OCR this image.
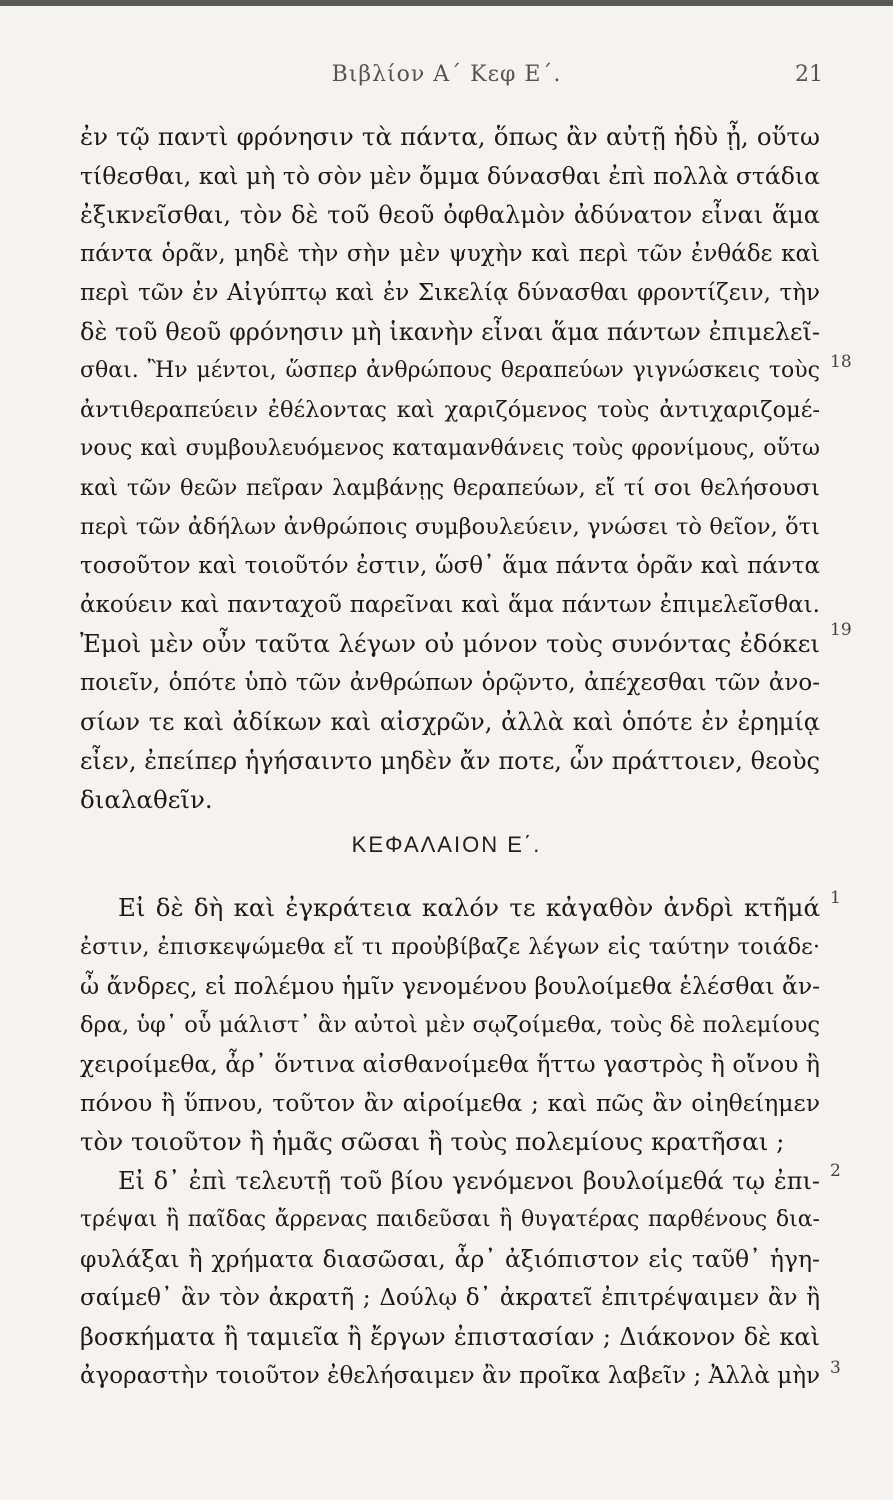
Βιβλίον Α΄ Κεφ Ε΄.	21
ἐν τῷ παντὶ φρόνησιν τὰ πάντα, ὅπως ἂν αὐτῇ ἡδὺ ᾖ, οὕτω
τίθεσθαι, καὶ μὴ τὸ σὸν μὲν ὄμμα δύνασθαι ἐπὶ πολλὰ στάδια
ἐξικνεῖσθαι, τὸν δὲ τοῦ θεοῦ ὀφθαλμὸν ἀδύνατον εἶναι ἅμα
πάντα ὁρᾶν, μηδὲ τὴν σὴν μὲν ψυχὴν καὶ περὶ τῶν ἐνθάδε καὶ
περὶ τῶν ἐν Αἰγύπτῳ καὶ ἐν Σικελίᾳ δύνασθαι φροντίζειν, τὴν
δὲ τοῦ θεοῦ φρόνησιν μὴ ἱκανὴν εἶναι ἅμα πάντων ἐπιμελεῖ-
σθαι. Ἢν μέντοι, ὥσπερ ἀνθρώπους θεραπεύων γιγνώσκεις τοὺς 18
ἀντιθεραπεύειν ἐθέλοντας καὶ χαριζόμενος τοὺς ἀντιχαριζομέ-
νους καὶ συμβουλευόμενος καταμανθάνεις τοὺς φρονίμους, οὕτω
καὶ τῶν θεῶν πεῖραν λαμβάνῃς θεραπεύων, εἴ τί σοι θελήσουσι
περὶ τῶν ἀδήλων ἀνθρώποις συμβουλεύειν, γνώσει τὸ θεῖον, ὅτι
τοσοῦτον καὶ τοιοῦτόν ἐστιν, ὥσθ᾽ ἅμα πάντα ὁρᾶν καὶ πάντα
ἀκούειν καὶ πανταχοῦ παρεῖναι καὶ ἅμα πάντων ἐπιμελεῖσθαι.
Ἐμοὶ μὲν οὖν ταῦτα λέγων οὐ μόνον τοὺς συνόντας ἐδόκει 19
ποιεῖν, ὁπότε ὑπὸ τῶν ἀνθρώπων ὁρῷντο, ἀπέχεσθαι τῶν ἀνο-
σίων τε καὶ ἀδίκων καὶ αἰσχρῶν, ἀλλὰ καὶ ὁπότε ἐν ἐρημίᾳ
εἶεν, ἐπείπερ ἡγήσαιντο μηδὲν ἄν ποτε, ὧν πράττοιεν, θεοὺς
διαλαθεῖν.
ΚΕΦΑΛΑΙΟΝ Ε΄.
Εἰ δὲ δὴ καὶ ἐγκράτεια καλόν τε κἀγαθὸν ἀνδρὶ κτῆμά 1
ἐστιν, ἐπισκεψώμεθα εἴ τι προὐβίβαζε λέγων εἰς ταύτην τοιάδε·
ὦ ἄνδρες, εἰ πολέμου ἡμῖν γενομένου βουλοίμεθα ἑλέσθαι ἄν-
δρα, ὑφ᾽ οὗ μάλιστ᾽ ἂν αὐτοὶ μὲν σῳζοίμεθα, τοὺς δὲ πολεμίους
χειροίμεθα, ἆρ᾽ ὅντινα αἰσθανοίμεθα ἥττω γαστρὸς ἢ οἴνου ἢ
πόνου ἢ ὕπνου, τοῦτον ἂν αἱροίμεθα ; καὶ πῶς ἂν οἰηθείημεν
τὸν τοιοῦτον ἢ ἡμᾶς σῶσαι ἢ τοὺς πολεμίους κρατῆσαι ;
Εἰ δ᾽ ἐπὶ τελευτῇ τοῦ βίου γενόμενοι βουλοίμεθά τῳ ἐπι- 2
τρέψαι ἢ παῖδας ἄρρενας παιδεῦσαι ἢ θυγατέρας παρθένους δια-
φυλάξαι ἢ χρήματα διασῶσαι, ἆρ᾽ ἀξιόπιστον εἰς ταῦθ᾽ ἡγη-
σαίμεθ᾽ ἂν τὸν ἀκρατῆ ; Δούλῳ δ᾽ ἀκρατεῖ ἐπιτρέψαιμεν ἂν ἢ
βοσκήματα ἢ ταμιεῖα ἢ ἔργων ἐπιστασίαν ; Διάκονον δὲ καὶ
ἀγοραστὴν τοιοῦτον ἐθελήσαιμεν ἂν προῖκα λαβεῖν ; Ἀλλὰ μὴν 3
